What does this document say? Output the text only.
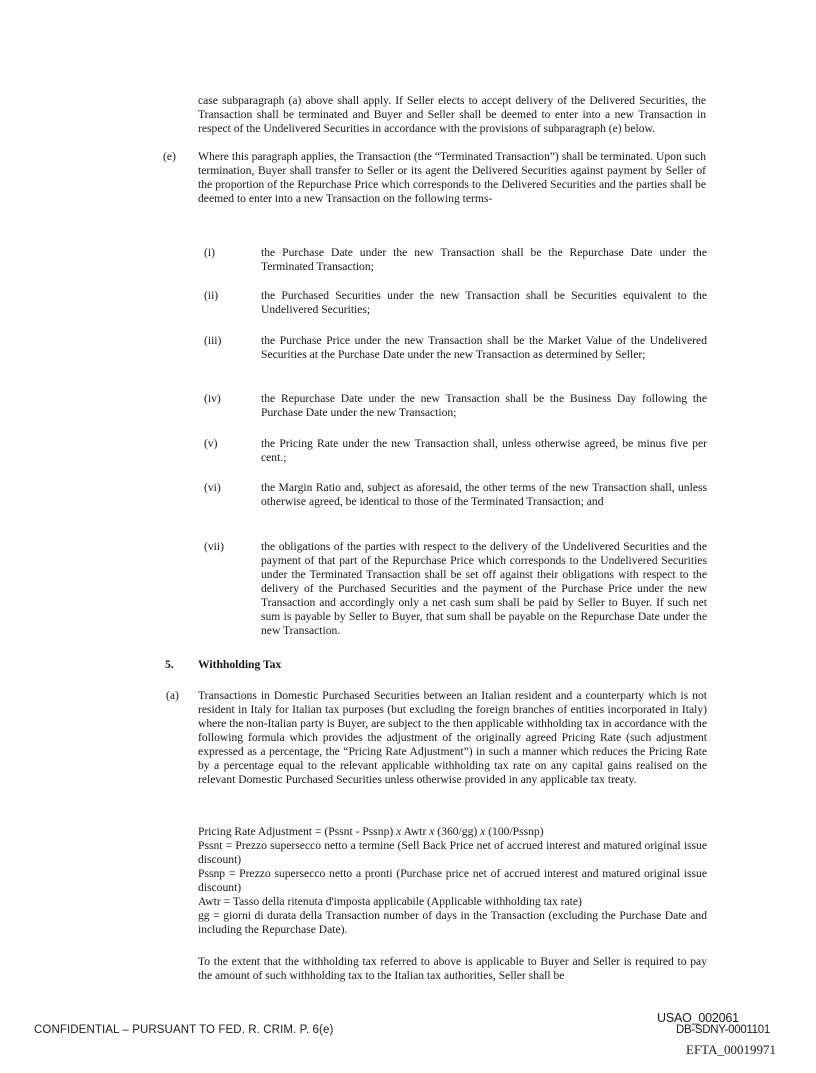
case subparagraph (a) above shall apply. If Seller elects to accept delivery of the Delivered Securities, the Transaction shall be terminated and Buyer and Seller shall be deemed to enter into a new Transaction in respect of the Undelivered Securities in accordance with the provisions of subparagraph (e) below.

(e) Where this paragraph applies, the Transaction (the “Terminated Transaction”) shall be terminated. Upon such termination, Buyer shall transfer to Seller or its agent the Delivered Securities against payment by Seller of the proportion of the Repurchase Price which corresponds to the Delivered Securities and the parties shall be deemed to enter into a new Transaction on the following terms-

(i)	the Purchase Date under the new Transaction shall be the Repurchase Date under the Terminated Transaction;

(ii)	the Purchased Securities under the new Transaction shall be Securities equivalent to the Undelivered Securities;

(iii)	the Purchase Price under the new Transaction shall be the Market Value of the Undelivered Securities at the Purchase Date under the new Transaction as determined by Seller;

(iv)	the Repurchase Date under the new Transaction shall be the Business Day following the Purchase Date under the new Transaction;

(v)	the Pricing Rate under the new Transaction shall, unless otherwise agreed, be minus five per cent.;

(vi)	the Margin Ratio and, subject as aforesaid, the other terms of the new Transaction shall, unless otherwise agreed, be identical to those of the Terminated Transaction; and

(vii)	the obligations of the parties with respect to the delivery of the Undelivered Securities and the payment of that part of the Repurchase Price which corresponds to the Undelivered Securities under the Terminated Transaction shall be set off against their obligations with respect to the delivery of the Purchased Securities and the payment of the Purchase Price under the new Transaction and accordingly only a net cash sum shall be paid by Seller to Buyer. If such net sum is payable by Seller to Buyer, that sum shall be payable on the Repurchase Date under the new Transaction.

5. Withholding Tax

(a) Transactions in Domestic Purchased Securities between an Italian resident and a counterparty which is not resident in Italy for Italian tax purposes (but excluding the foreign branches of entities incorporated in Italy) where the non-Italian party is Buyer, are subject to the then applicable withholding tax in accordance with the following formula which provides the adjustment of the originally agreed Pricing Rate (such adjustment expressed as a percentage, the “Pricing Rate Adjustment”) in such a manner which reduces the Pricing Rate by a percentage equal to the relevant applicable withholding tax rate on any capital gains realised on the relevant Domestic Purchased Securities unless otherwise provided in any applicable tax treaty.

Pricing Rate Adjustment = (Pssnt - Pssnp) x Awtr x (360/gg) x (100/Pssnp)

Pssnt = Prezzo supersecco netto a termine (Sell Back Price net of accrued interest and matured original issue discount)

Pssnp = Prezzo supersecco netto a pronti (Purchase price net of accrued interest and matured original issue discount)

Awtr = Tasso della ritenuta d'imposta applicabile (Applicable withholding tax rate)

gg = giorni di durata della Transaction number of days in the Transaction (excluding the Purchase Date and including the Repurchase Date).

To the extent that the withholding tax referred to above is applicable to Buyer and Seller is required to pay the amount of such withholding tax to the Italian tax authorities, Seller shall be

CONFIDENTIAL – PURSUANT TO FED. R. CRIM. P. 6(e)
USAO_002061
DB-SDNY-0001101
EFTA_00019971
